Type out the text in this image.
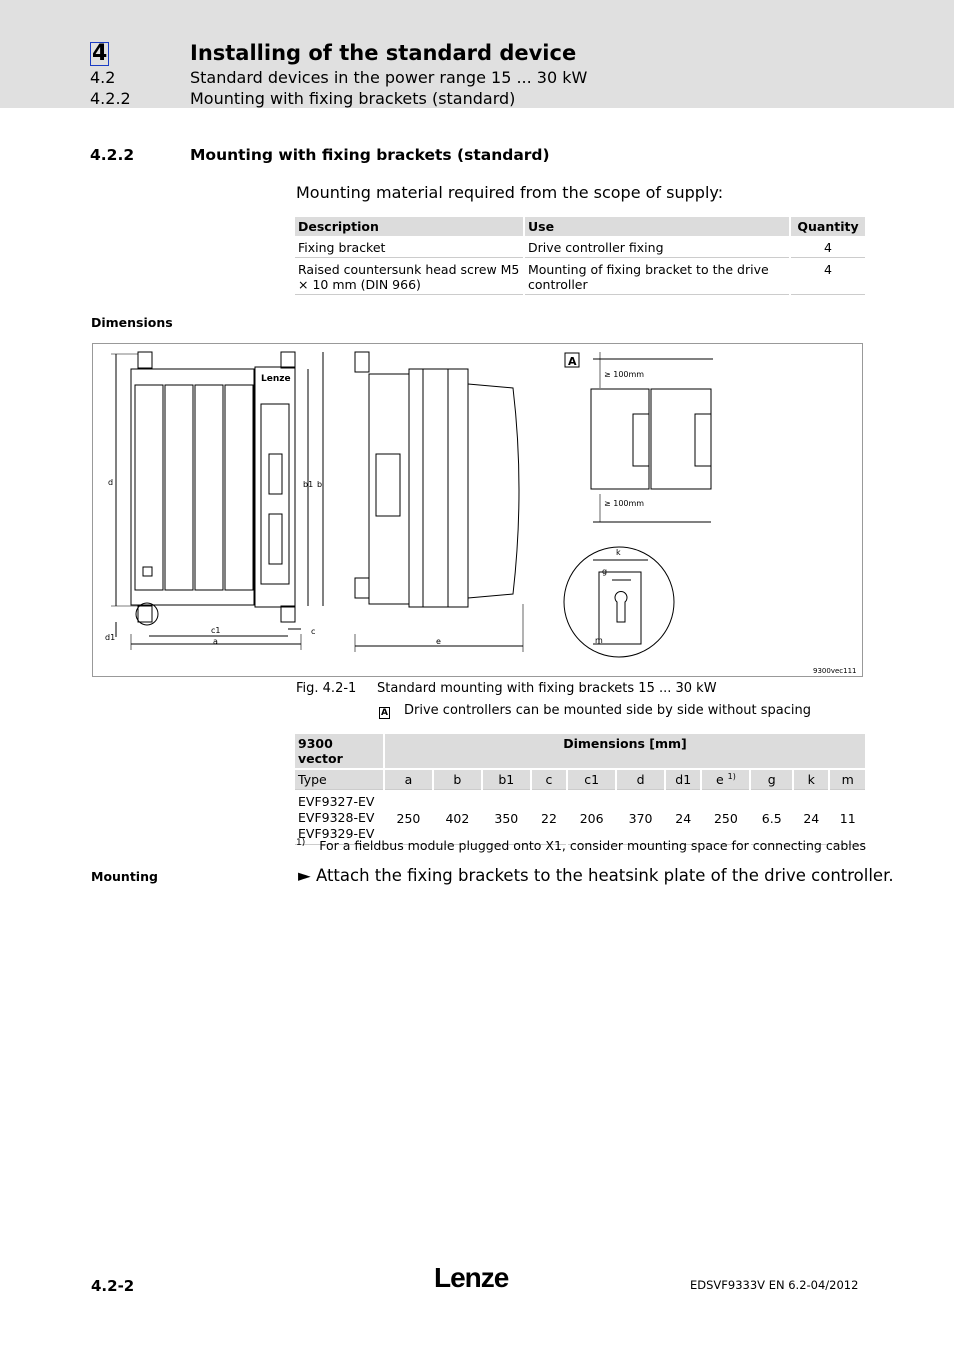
4	Installing of the standard device
4.2	Standard devices in the power range 15 ... 30 kW
4.2.2	Mounting with fixing brackets (standard)
4.2.2	Mounting with fixing brackets (standard)
Mounting material required from the scope of supply:
Description	Use	Quantity
Fixing bracket	Drive controller fixing	4
Raised countersunk head screw M5 × 10 mm (DIN 966)	Mounting of fixing bracket to the drive controller	4
Dimensions
d
d1
c1
a
c
b1 b
e
Lenze	≥ 100mm
≥ 100mm
k
g
m
9300vec111
A
Fig. 4.2-1 Standard mounting with fixing brackets 15 ... 30 kW
A Drive controllers can be mounted side by side without spacing
9300 vector	Dimensions [mm]										
Type	a	b	b1	c	c1	d	d1	e $^{1)}$	g	k	m

EVF9327-EV
EVF9328-EV
EVF9329-EV	250	402	350	22	206	370	24	250	6.5	24	11
$^{1)}$ For a fieldbus module plugged onto X1, consider mounting space for connecting cables
Mounting	► Attach the fixing brackets to the heatsink plate of the drive controller.
4.2-2	Lenze	EDSVF9333V EN 6.2-04/2012
